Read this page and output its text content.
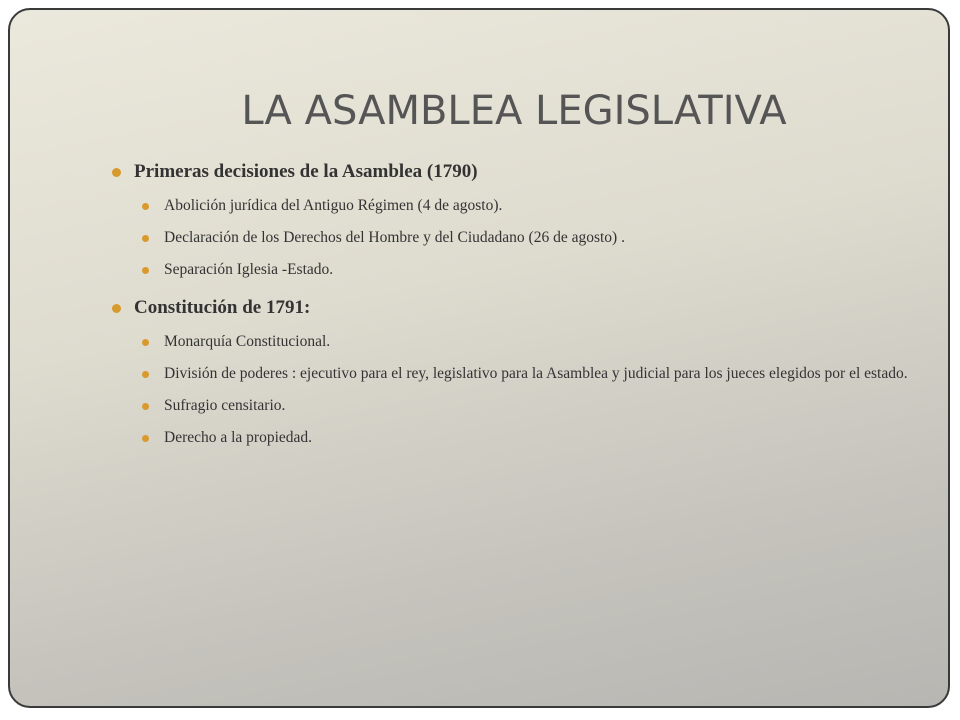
LA ASAMBLEA LEGISLATIVA
Primeras decisiones de la Asamblea (1790)
Abolición jurídica del Antiguo Régimen (4 de agosto).
Declaración de los Derechos del Hombre y del Ciudadano (26 de agosto) .
Separación Iglesia -Estado.
Constitución de 1791:
Monarquía Constitucional.
División de poderes : ejecutivo para el rey, legislativo para la Asamblea y judicial para los jueces elegidos por el estado.
Sufragio censitario.
Derecho a la propiedad.
